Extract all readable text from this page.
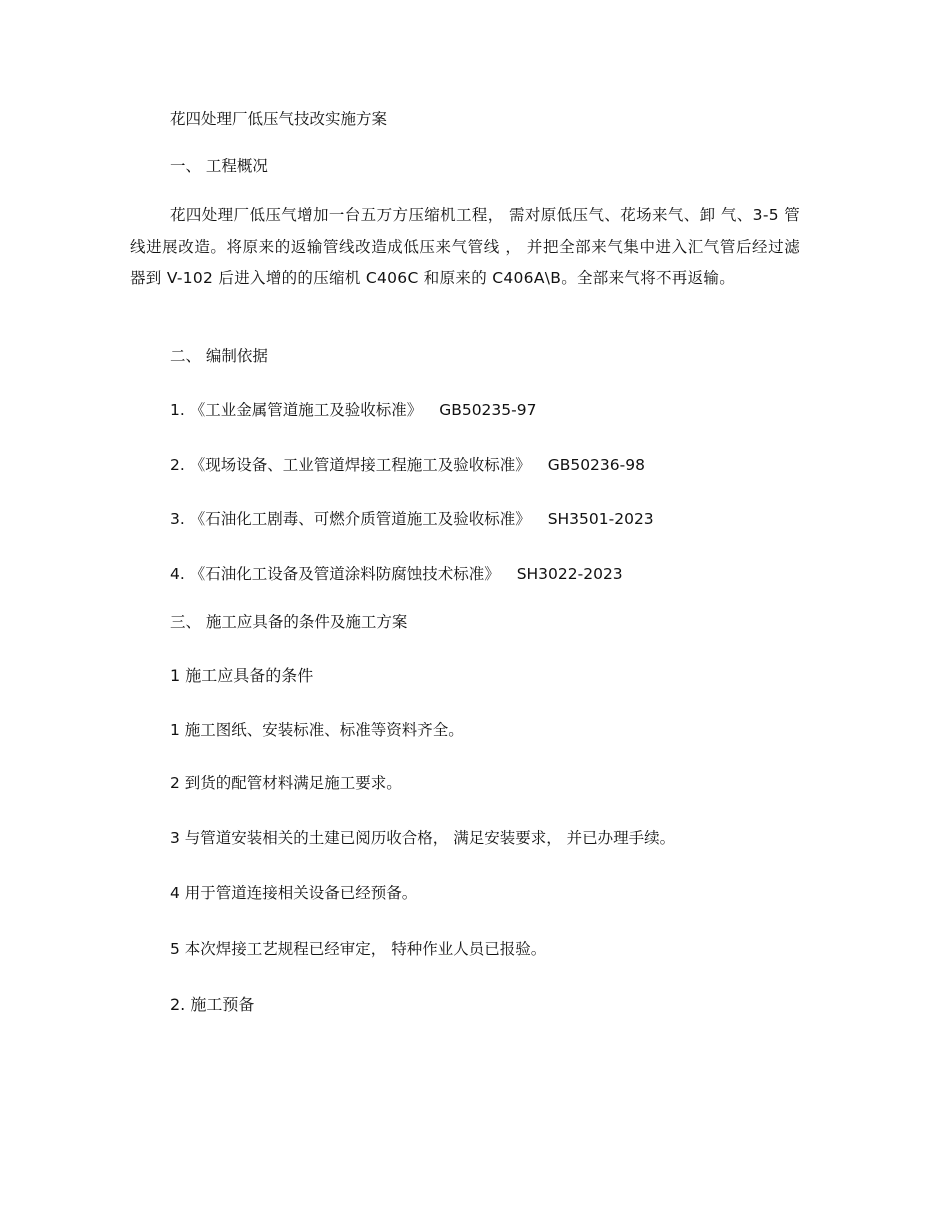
花四处理厂低压气技改实施方案
一、 工程概况
花四处理厂低压气增加一台五万方压缩机工程， 需对原低压气、花场来气、卸 气、3-5 管线进展改造。将原来的返输管线改造成低压来气管线 ， 并把全部来气集中进入汇气管后经过滤器到 V-102 后进入增的的压缩机 C406C 和原来的 C406A\B。全部来气将不再返输。
二、 编制依据
1. 《工业金属管道施工及验收标准》 GB50235-97
2. 《现场设备、工业管道焊接工程施工及验收标准》 GB50236-98
3. 《石油化工剧毒、可燃介质管道施工及验收标准》 SH3501-2023
4. 《石油化工设备及管道涂料防腐蚀技术标准》 SH3022-2023
三、 施工应具备的条件及施工方案
1 施工应具备的条件
1 施工图纸、安装标准、标准等资料齐全。
2 到货的配管材料满足施工要求。
3 与管道安装相关的土建已阅历收合格， 满足安装要求， 并已办理手续。
4 用于管道连接相关设备已经预备。
5 本次焊接工艺规程已经审定， 特种作业人员已报验。
2. 施工预备
